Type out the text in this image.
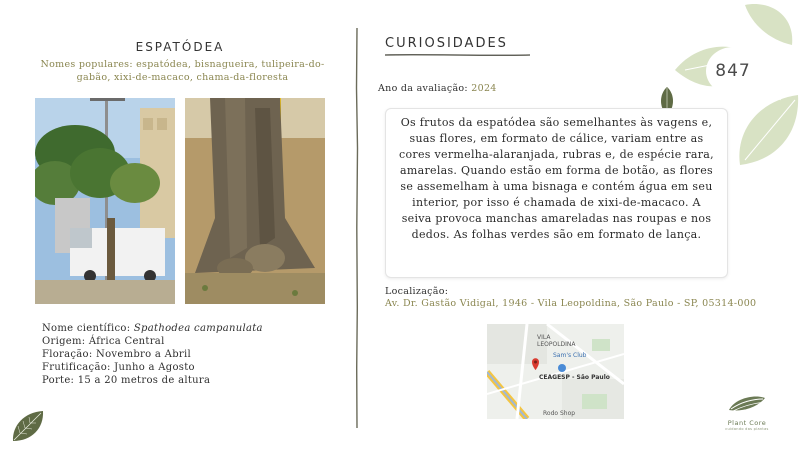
ESPATÓDEA
Nomes populares: espatódea, bisnagueira, tulipeira-do-gabão, xixi-de-macaco, chama-da-floresta
Nome científico: Spathodea campanulata
Origem: África Central
Floração: Novembro a Abril
Frutificação: Junho a Agosto
Porte: 15 a 20 metros de altura
CURIOSIDADES
Ano da avaliação: 2024
Os frutos da espatódea são semelhantes às vagens e, suas flores, em formato de cálice, variam entre as cores vermelha-alaranjada, rubras e, de espécie rara, amarelas. Quando estão em forma de botão, as flores se assemelham à uma bisnaga e contém água em seu interior, por isso é chamada de xixi-de-macaco. A seiva provoca manchas amareladas nas roupas e nos dedos. As folhas verdes são em formato de lança.
Localização:
Av. Dr. Gastão Vidigal, 1946 - Vila Leopoldina, São Paulo - SP, 05314-000
VILA
LEOPOLDINA
Sam's Club
CEAGESP - São Paulo
Rodo Shop
847
Plant Core
cuidando das plantas
